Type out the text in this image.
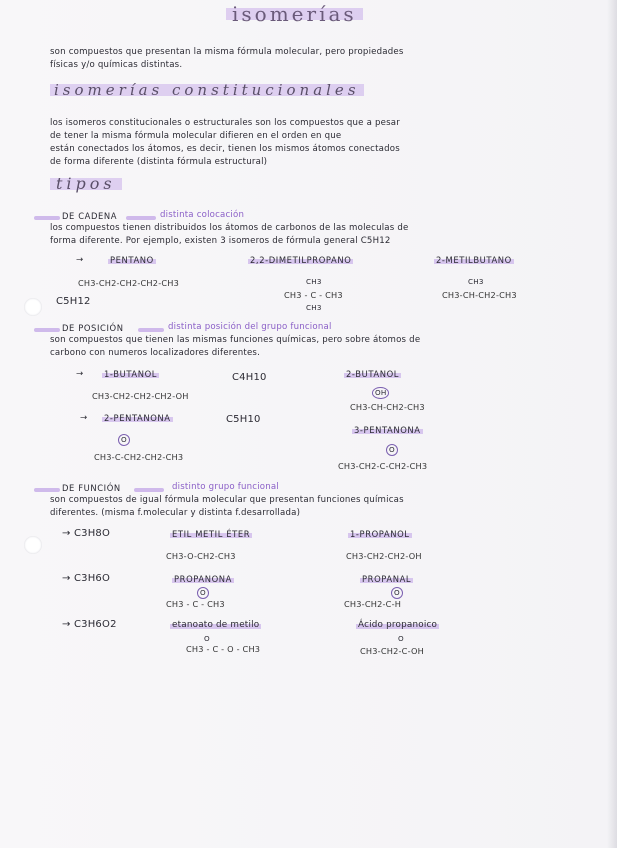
isomerías
son compuestos que presentan la misma fórmula molecular, pero propiedades
físicas y/o químicas distintas.
isomerías constitucionales
los isomeros constitucionales o estructurales son los compuestos que a pesar
de tener la misma fórmula molecular difieren en el orden en que
están conectados los átomos, es decir, tienen los mismos átomos conectados
de forma diferente (distinta fórmula estructural)
tipos
DE CADENA	distinta colocación
los compuestos tienen distribuidos los átomos de carbonos de las moleculas de
forma diferente. Por ejemplo, existen 3 isomeros de fórmula general C5H12
→	PENTANO
CH3-CH2-CH2-CH2-CH3
C5H12
2,2-DIMETILPROPANO
CH3
CH3 - C - CH3
CH3
2-METILBUTANO
CH3
CH3-CH-CH2-CH3
DE POSICIÓN	distinta posición del grupo funcional
son compuestos que tienen las mismas funciones químicas, pero sobre átomos de
carbono con numeros localizadores diferentes.
→ 1-BUTANOL	C4H10
CH3-CH2-CH2-CH2-OH
2-BUTANOL
OH
CH3-CH-CH2-CH3
→ 2-PENTANONA	C5H10
O
CH3-C-CH2-CH2-CH3
3-PENTANONA
O
CH3-CH2-C-CH2-CH3
DE FUNCIÓN	distinto grupo funcional
son compuestos de igual fórmula molecular que presentan funciones químicas
diferentes. (misma f.molecular y distinta f.desarrollada)
→ C3H8O	ETIL METIL ÉTER
CH3-O-CH2-CH3
1-PROPANOL
CH3-CH2-CH2-OH
→ C3H6O	PROPANONA
O
CH3 - C - CH3
PROPANAL
O
CH3-CH2-C-H
→ C3H6O2	etanoato de metilo
O
CH3 - C - O - CH3
Ácido propanoico
O
CH3-CH2-C-OH
